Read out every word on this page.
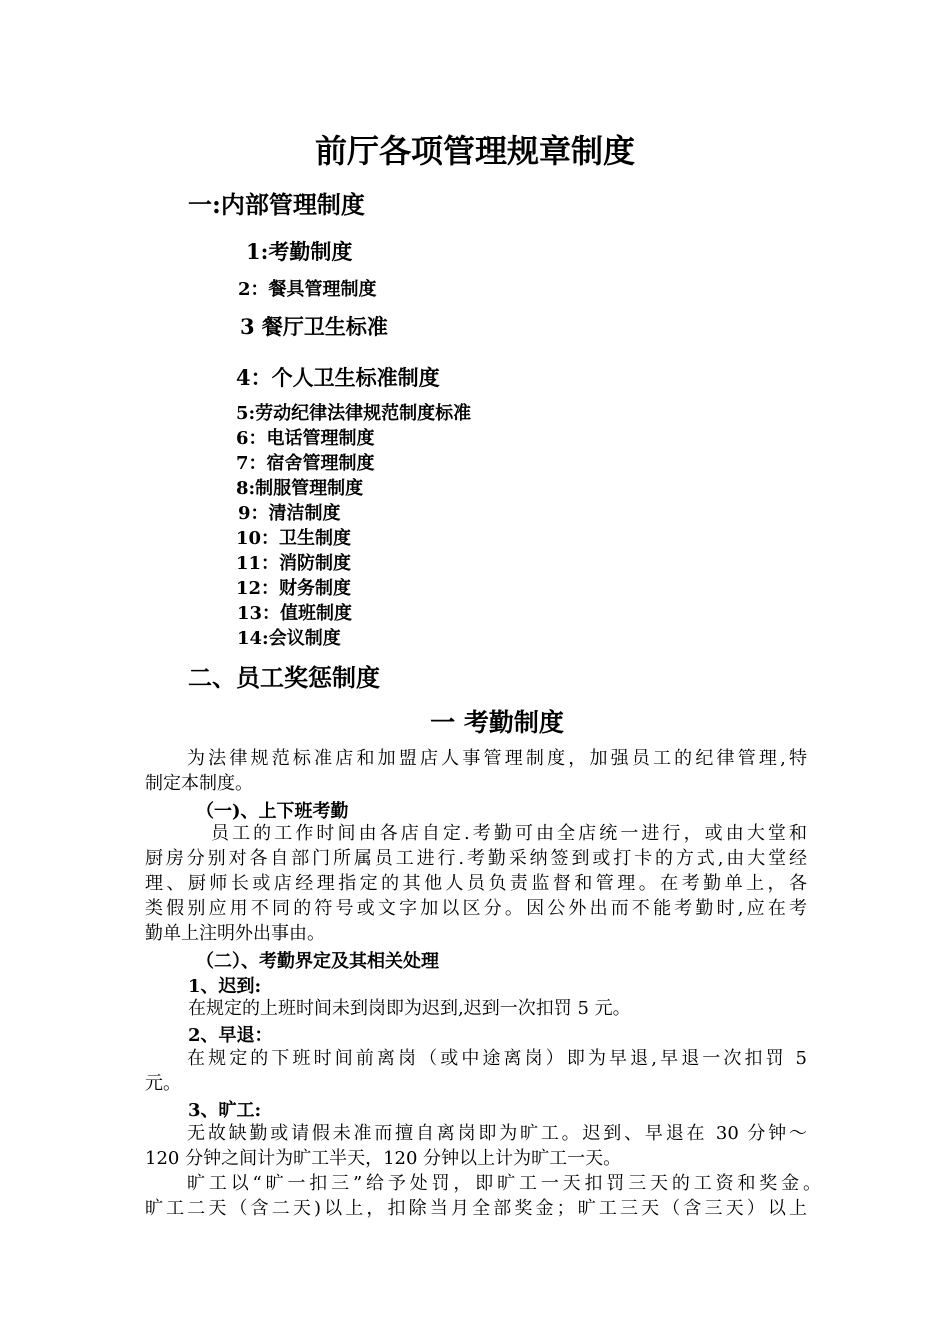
前厅各项管理规章制度
一:内部管理制度
1:考勤制度
2：餐具管理制度
3 餐厅卫生标准
4：个人卫生标准制度
5:劳动纪律法律规范制度标准
6：电话管理制度
7：宿舍管理制度
8:制服管理制度
9：清洁制度
10：卫生制度
11：消防制度
12：财务制度
13：值班制度
14:会议制度
二、员工奖惩制度
一 考勤制度
为法律规范标准店和加盟店人事管理制度，加强员工的纪律管理,特
制定本制度。
（一)、上下班考勤
员工的工作时间由各店自定.考勤可由全店统一进行，或由大堂和
厨房分别对各自部门所属员工进行.考勤采纳签到或打卡的方式,由大堂经
理、厨师长或店经理指定的其他人员负责监督和管理。在考勤单上，各
类假别应用不同的符号或文字加以区分。因公外出而不能考勤时,应在考
勤单上注明外出事由。
（二）、考勤界定及其相关处理
1、迟到:
在规定的上班时间未到岗即为迟到,迟到一次扣罚 5 元。
2、早退：
在规定的下班时间前离岗（或中途离岗）即为早退,早退一次扣罚 5
元。
3、旷工:
无故缺勤或请假未准而擅自离岗即为旷工。迟到、早退在 30 分钟～
120 分钟之间计为旷工半天，120 分钟以上计为旷工一天。
旷工以“旷一扣三”给予处罚，即旷工一天扣罚三天的工资和奖金。
旷工二天（含二天)以上，扣除当月全部奖金；旷工三天（含三天）以上
